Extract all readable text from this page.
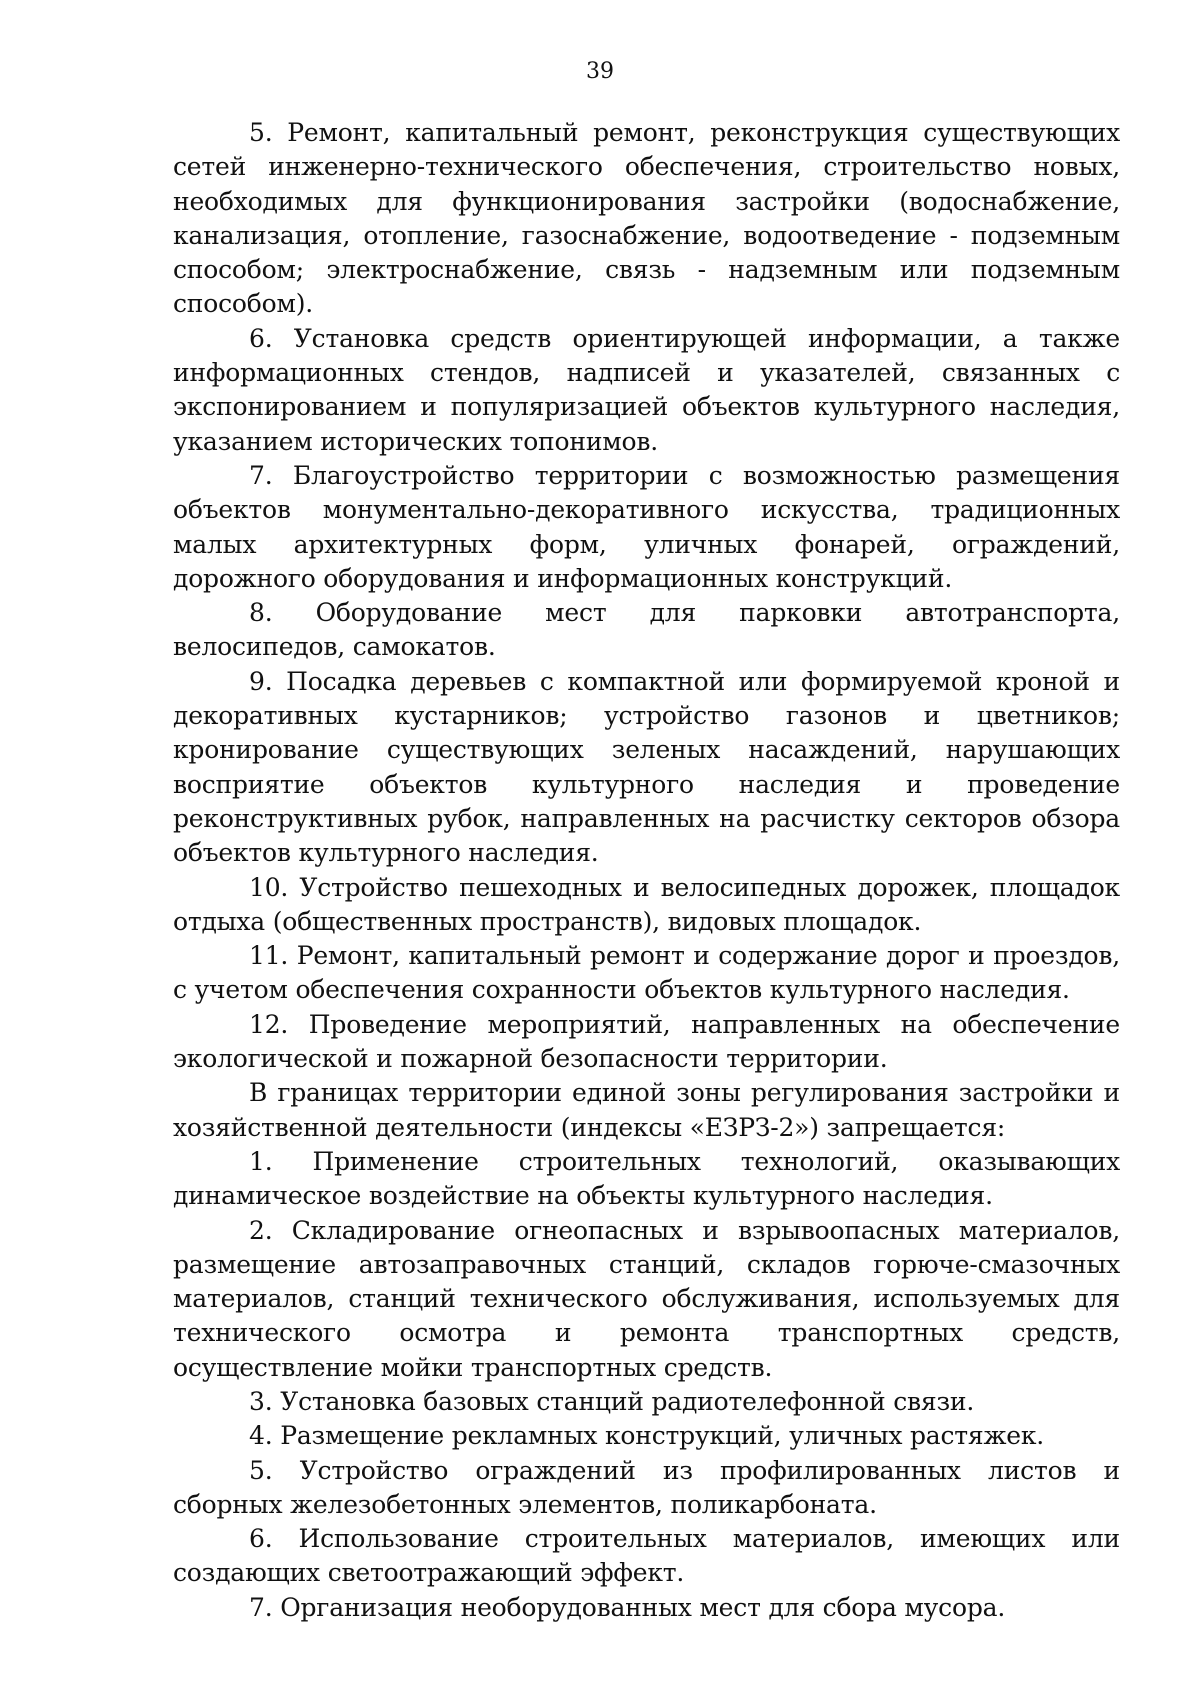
39

5. Ремонт, капитальный ремонт, реконструкция существующих сетей инженерно-технического обеспечения, строительство новых, необходимых для функционирования застройки (водоснабжение, канализация, отопление, газоснабжение, водоотведение - подземным способом; электроснабжение, связь - надземным или подземным способом).

6. Установка средств ориентирующей информации, а также информационных стендов, надписей и указателей, связанных с экспонированием и популяризацией объектов культурного наследия, указанием исторических топонимов.

7. Благоустройство территории с возможностью размещения объектов монументально-декоративного искусства, традиционных малых архитектурных форм, уличных фонарей, ограждений, дорожного оборудования и информационных конструкций.

8. Оборудование мест для парковки автотранспорта, велосипедов, самокатов.

9. Посадка деревьев с компактной или формируемой кроной и декоративных кустарников; устройство газонов и цветников; кронирование существующих зеленых насаждений, нарушающих восприятие объектов культурного наследия и проведение реконструктивных рубок, направленных на расчистку секторов обзора объектов культурного наследия.

10. Устройство пешеходных и велосипедных дорожек, площадок отдыха (общественных пространств), видовых площадок.

11. Ремонт, капитальный ремонт и содержание дорог и проездов, с учетом обеспечения сохранности объектов культурного наследия.

12. Проведение мероприятий, направленных на обеспечение экологической и пожарной безопасности территории.

В границах территории единой зоны регулирования застройки и хозяйственной деятельности (индексы «ЕЗРЗ-2») запрещается:

1. Применение строительных технологий, оказывающих динамическое воздействие на объекты культурного наследия.

2. Складирование огнеопасных и взрывоопасных материалов, размещение автозаправочных станций, складов горюче-смазочных материалов, станций технического обслуживания, используемых для технического осмотра и ремонта транспортных средств, осуществление мойки транспортных средств.

3. Установка базовых станций радиотелефонной связи.

4. Размещение рекламных конструкций, уличных растяжек.

5. Устройство ограждений из профилированных листов и сборных железобетонных элементов, поликарбоната.

6. Использование строительных материалов, имеющих или создающих светоотражающий эффект.

7. Организация необорудованных мест для сбора мусора.
